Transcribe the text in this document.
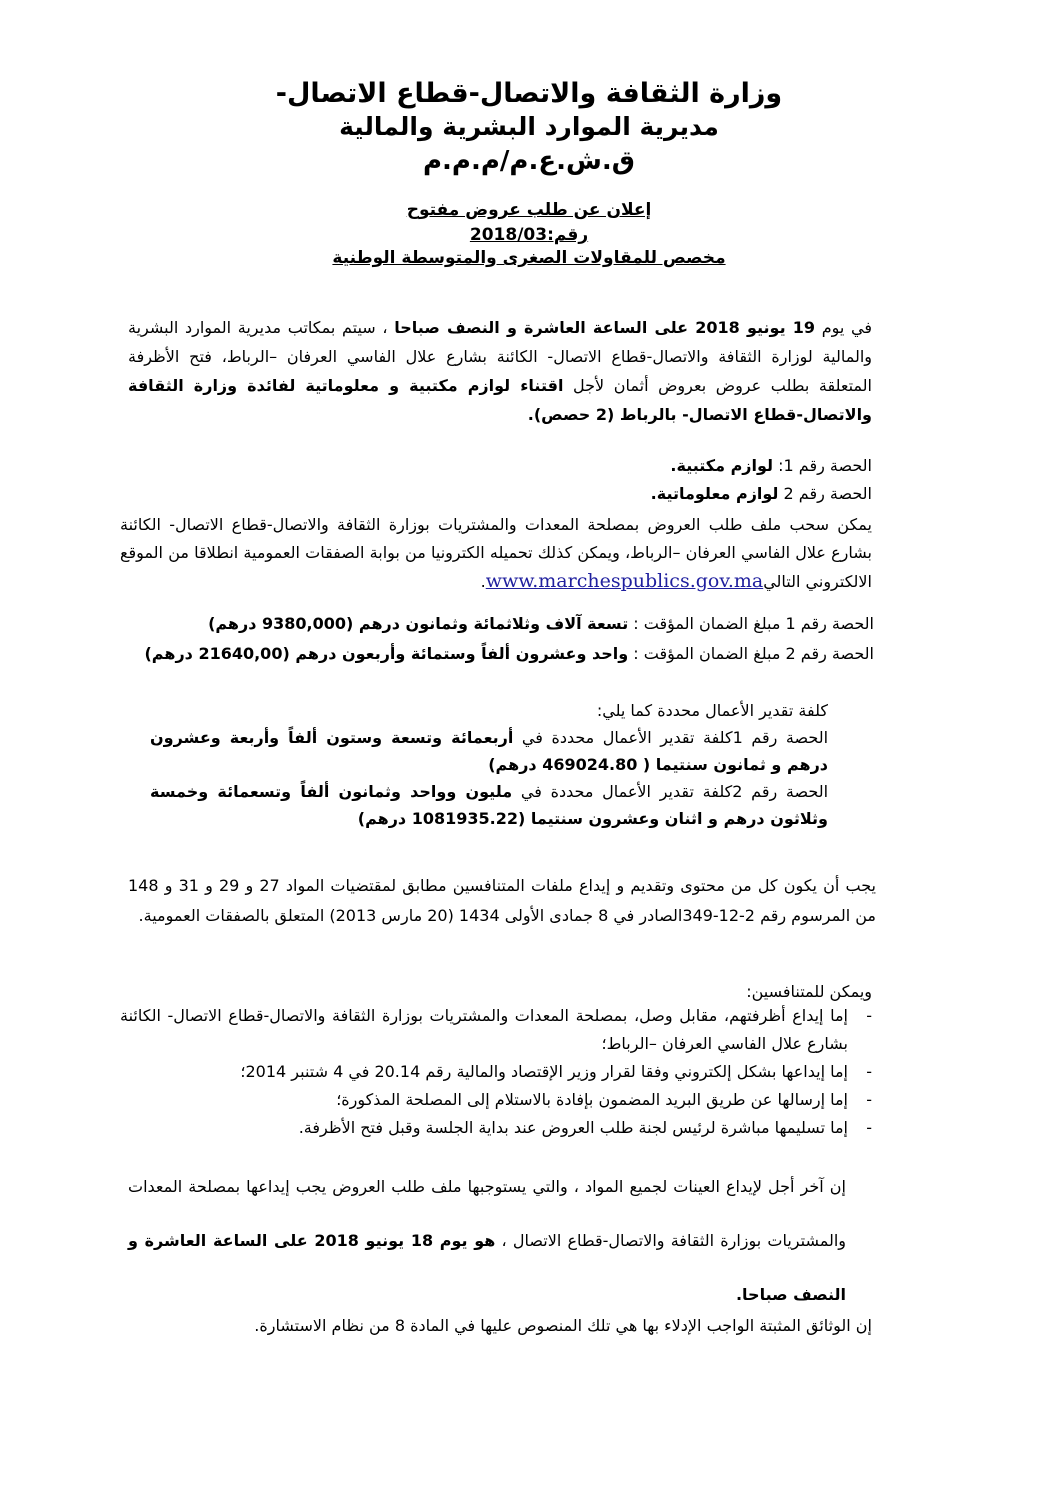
وزارة الثقافة والاتصال-قطاع الاتصال-
مديرية الموارد البشرية والمالية
ق.ش.ع.م/م.م.م
إعلان عن طلب عروض مفتوح
رقم:2018/03
مخصص للمقاولات الصغرى والمتوسطة الوطنية
في يوم 19 يونيو 2018 على الساعة العاشرة و النصف صباحا ، سيتم بمكاتب مديرية الموارد البشرية والمالية لوزارة الثقافة والاتصال-قطاع الاتصال- الكائنة بشارع علال الفاسي العرفان –الرباط، فتح الأظرفة المتعلقة بطلب عروض بعروض أثمان لأجل اقتناء لوازم مكتبية و معلوماتية لفائدة وزارة الثقافة والاتصال-قطاع الاتصال- بالرباط (2 حصص).
الحصة رقم 1: لوازم مكتبية.
الحصة رقم 2 لوازم معلوماتية.
يمكن سحب ملف طلب العروض بمصلحة المعدات والمشتريات بوزارة الثقافة والاتصال-قطاع الاتصال- الكائنة بشارع علال الفاسي العرفان –الرباط، ويمكن كذلك تحميله الكترونيا من بوابة الصفقات العمومية انطلاقا من الموقع الالكتروني التاليwww.marchespublics.gov.ma.
الحصة رقم 1 مبلغ الضمان المؤقت : تسعة آلاف وثلاثمائة وثمانون درهم (9380,000 درهم)
الحصة رقم 2 مبلغ الضمان المؤقت : واحد وعشرون ألفاً وستمائة وأربعون درهم (21640,00 درهم)
كلفة تقدير الأعمال محددة كما يلي:
الحصة رقم 1كلفة تقدير الأعمال محددة في أربعمائة وتسعة وستون ألفاً وأربعة وعشرون درهم و ثمانون سنتيما ( 469024.80 درهم)
الحصة رقم 2كلفة تقدير الأعمال محددة في مليون وواحد وثمانون ألفاً وتسعمائة وخمسة وثلاثون درهم و اثنان وعشرون سنتيما (1081935.22 درهم)
يجب أن يكون كل من محتوى وتقديم و إيداع ملفات المتنافسين مطابق لمقتضيات المواد 27 و 29 و 31 و 148 من المرسوم رقم 2-12-349الصادر في 8 جمادى الأولى 1434 (20 مارس 2013) المتعلق بالصفقات العمومية.
ويمكن للمتنافسين:
-
إما إيداع أظرفتهم، مقابل وصل، بمصلحة المعدات والمشتريات بوزارة الثقافة والاتصال-قطاع الاتصال- الكائنة بشارع علال الفاسي العرفان –الرباط؛
-
إما إيداعها بشكل إلكتروني وفقا لقرار وزير الإقتصاد والمالية رقم 20.14 في 4 شتنبر 2014؛
-
إما إرسالها عن طريق البريد المضمون بإفادة بالاستلام إلى المصلحة المذكورة؛
-
إما تسليمها مباشرة لرئيس لجنة طلب العروض عند بداية الجلسة وقبل فتح الأظرفة.
إن آخر أجل لإيداع العينات لجميع المواد ، والتي يستوجبها ملف طلب العروض يجب إيداعها بمصلحة المعدات والمشتريات بوزارة الثقافة والاتصال-قطاع الاتصال ، هو يوم 18 يونيو 2018 على الساعة العاشرة و النصف صباحا.
إن الوثائق المثبتة الواجب الإدلاء بها هي تلك المنصوص عليها في المادة 8 من نظام الاستشارة.
